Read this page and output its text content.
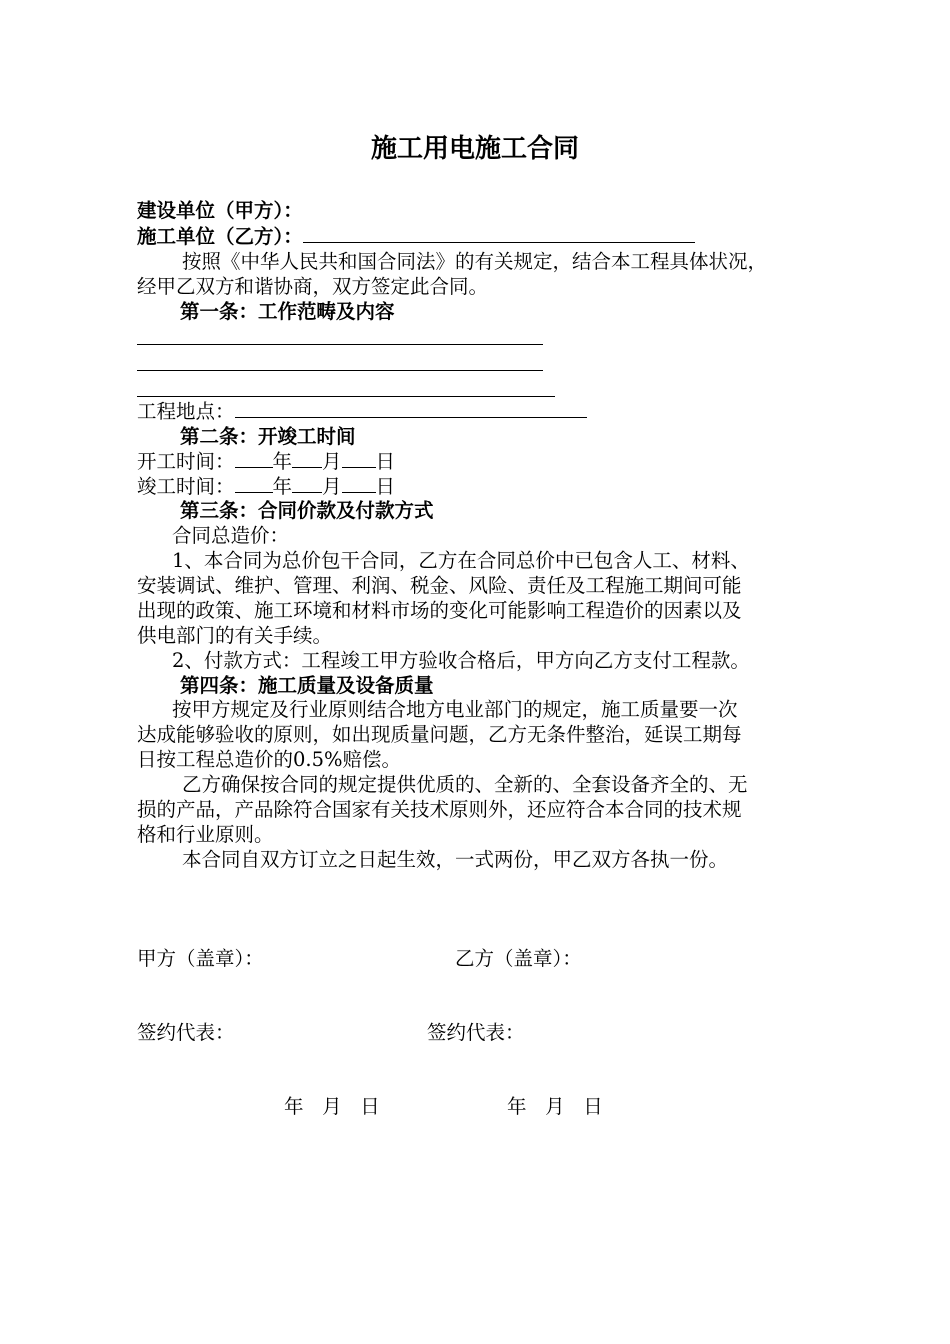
施工用电施工合同
建设单位（甲方）：
施工单位（乙方）：
按照《中华人民共和国合同法》的有关规定，结合本工程具体状况，
经甲乙双方和谐协商，双方签定此合同。
第一条：工作范畴及内容
工程地点：
第二条：开竣工时间
开工时间： 年 月 日
竣工时间： 年 月 日
第三条：合同价款及付款方式
合同总造价：
1、本合同为总价包干合同，乙方在合同总价中已包含人工、材料、
安装调试、维护、管理、利润、税金、风险、责任及工程施工期间可能
出现的政策、施工环境和材料市场的变化可能影响工程造价的因素以及
供电部门的有关手续。
2、付款方式：工程竣工甲方验收合格后，甲方向乙方支付工程款。
第四条：施工质量及设备质量
按甲方规定及行业原则结合地方电业部门的规定，施工质量要一次
达成能够验收的原则，如出现质量问题，乙方无条件整治，延误工期每
日按工程总造价的0.5%赔偿。
乙方确保按合同的规定提供优质的、全新的、全套设备齐全的、无
损的产品，产品除符合国家有关技术原则外，还应符合本合同的技术规
格和行业原则。
本合同自双方订立之日起生效，一式两份，甲乙双方各执一份。
甲方（盖章）：	乙方（盖章）：
签约代表：	签约代表：
年   月   日	年   月   日
